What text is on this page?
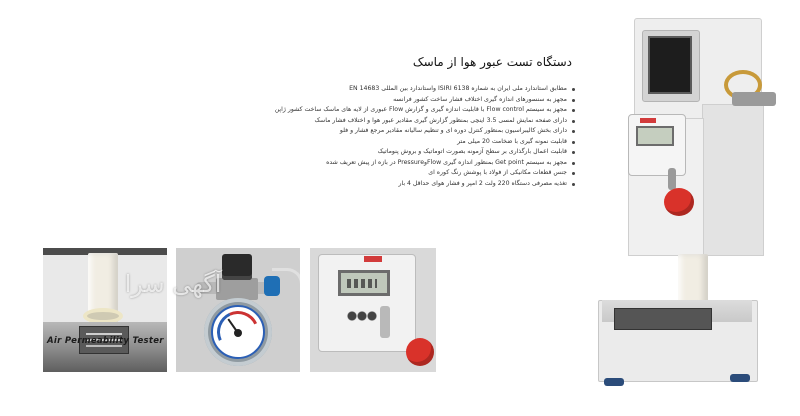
دستگاه تست عبور هوا از ماسک
مطابق استاندارد ملی ایران به شماره ISIRI 6138 واستاندارد بین المللی EN 14683
مجهز به سنسورهای اندازه گیری اختلاف فشار ساخت کشور فرانسه
مجهز به سیستم Flow control با قابلیت اندازه گیری و گزارش Flow عبوری از لایه های ماسک ساخت کشور ژاپن
دارای صفحه نمایش لمسی 3.5 اینچی بمنظور گزارش گیری مقادیر عبور هوا و اختلاف فشار ماسک
دارای بخش کالیبراسیون بمنظور کنترل دوره ای و تنظیم سالیانه مقادیر مرجع فشار و فلو
قابلیت نمونه گیری با ضخامت 20 میلی متر
قابلیت اعمال بارگذاری بر سطح آزمونه بصورت اتوماتیک و بروش پنوماتیک
مجهز به سیستم Get point بمنظور اندازه گیری FlowوPressure در بازه از پیش تعریف شده
جنس قطعات مکانیکی از فولاد با پوشش رنگ کوره ای
تغذیه مصرفی دستگاه 220 ولت 2 امپر و فشار هوای حداقل 4 بار
Air Permeability Tester
آگهی سرا
